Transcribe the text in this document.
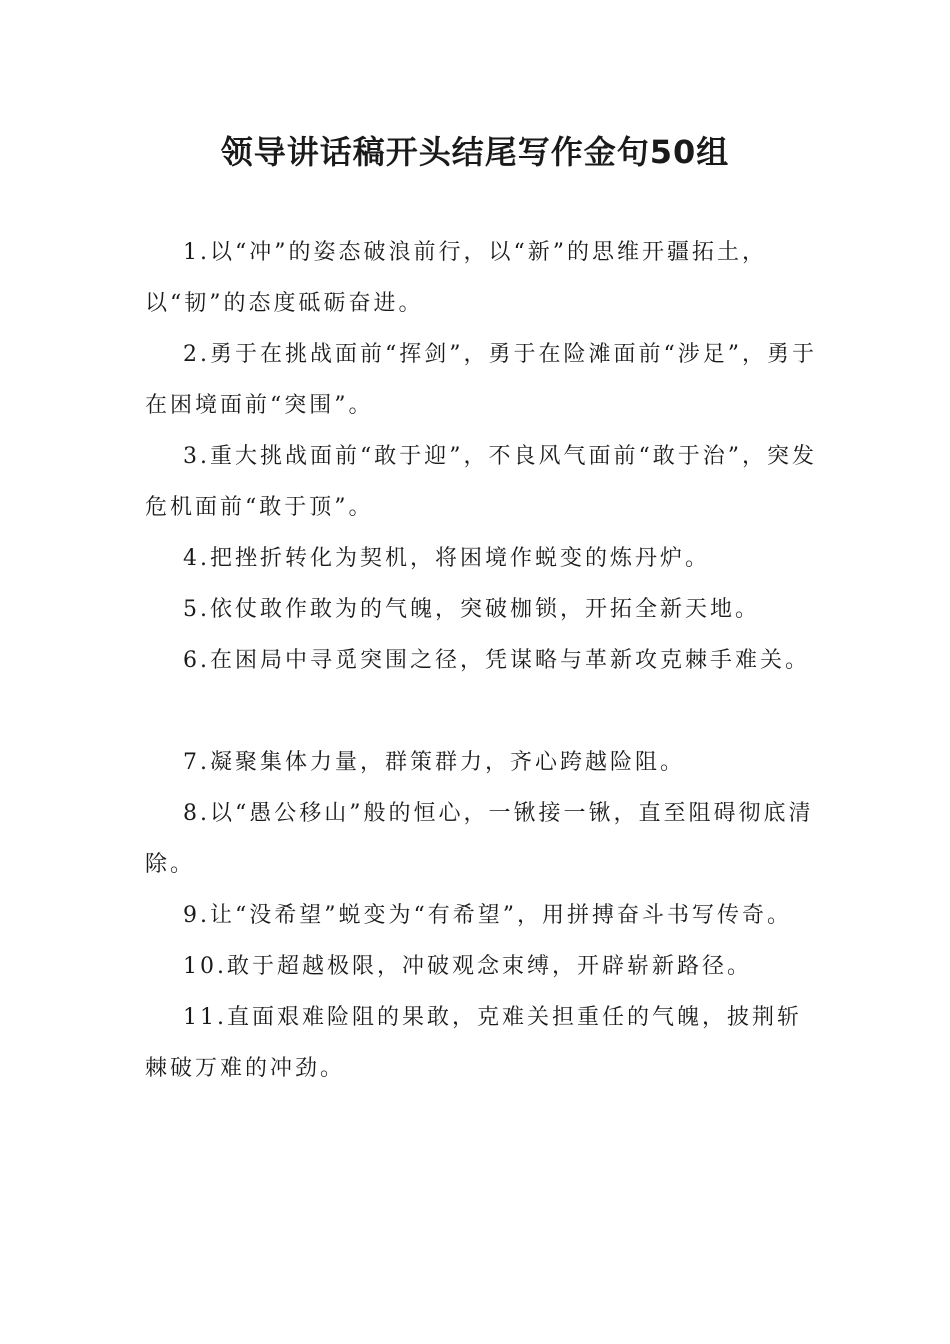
领导讲话稿开头结尾写作金句50组

1.以“冲”的姿态破浪前行，以“新”的思维开疆拓土，以“韧”的态度砥砺奋进。

2.勇于在挑战面前“挥剑”，勇于在险滩面前“涉足”，勇于在困境面前“突围”。

3.重大挑战面前“敢于迎”，不良风气面前“敢于治”，突发危机面前“敢于顶”。

4.把挫折转化为契机，将困境作蜕变的炼丹炉。

5.依仗敢作敢为的气魄，突破枷锁，开拓全新天地。

6.在困局中寻觅突围之径，凭谋略与革新攻克棘手难关。

7.凝聚集体力量，群策群力，齐心跨越险阻。

8.以“愚公移山”般的恒心，一锹接一锹，直至阻碍彻底清除。

9.让“没希望”蜕变为“有希望”，用拼搏奋斗书写传奇。

10.敢于超越极限，冲破观念束缚，开辟崭新路径。

11.直面艰难险阻的果敢，克难关担重任的气魄，披荆斩棘破万难的冲劲。
